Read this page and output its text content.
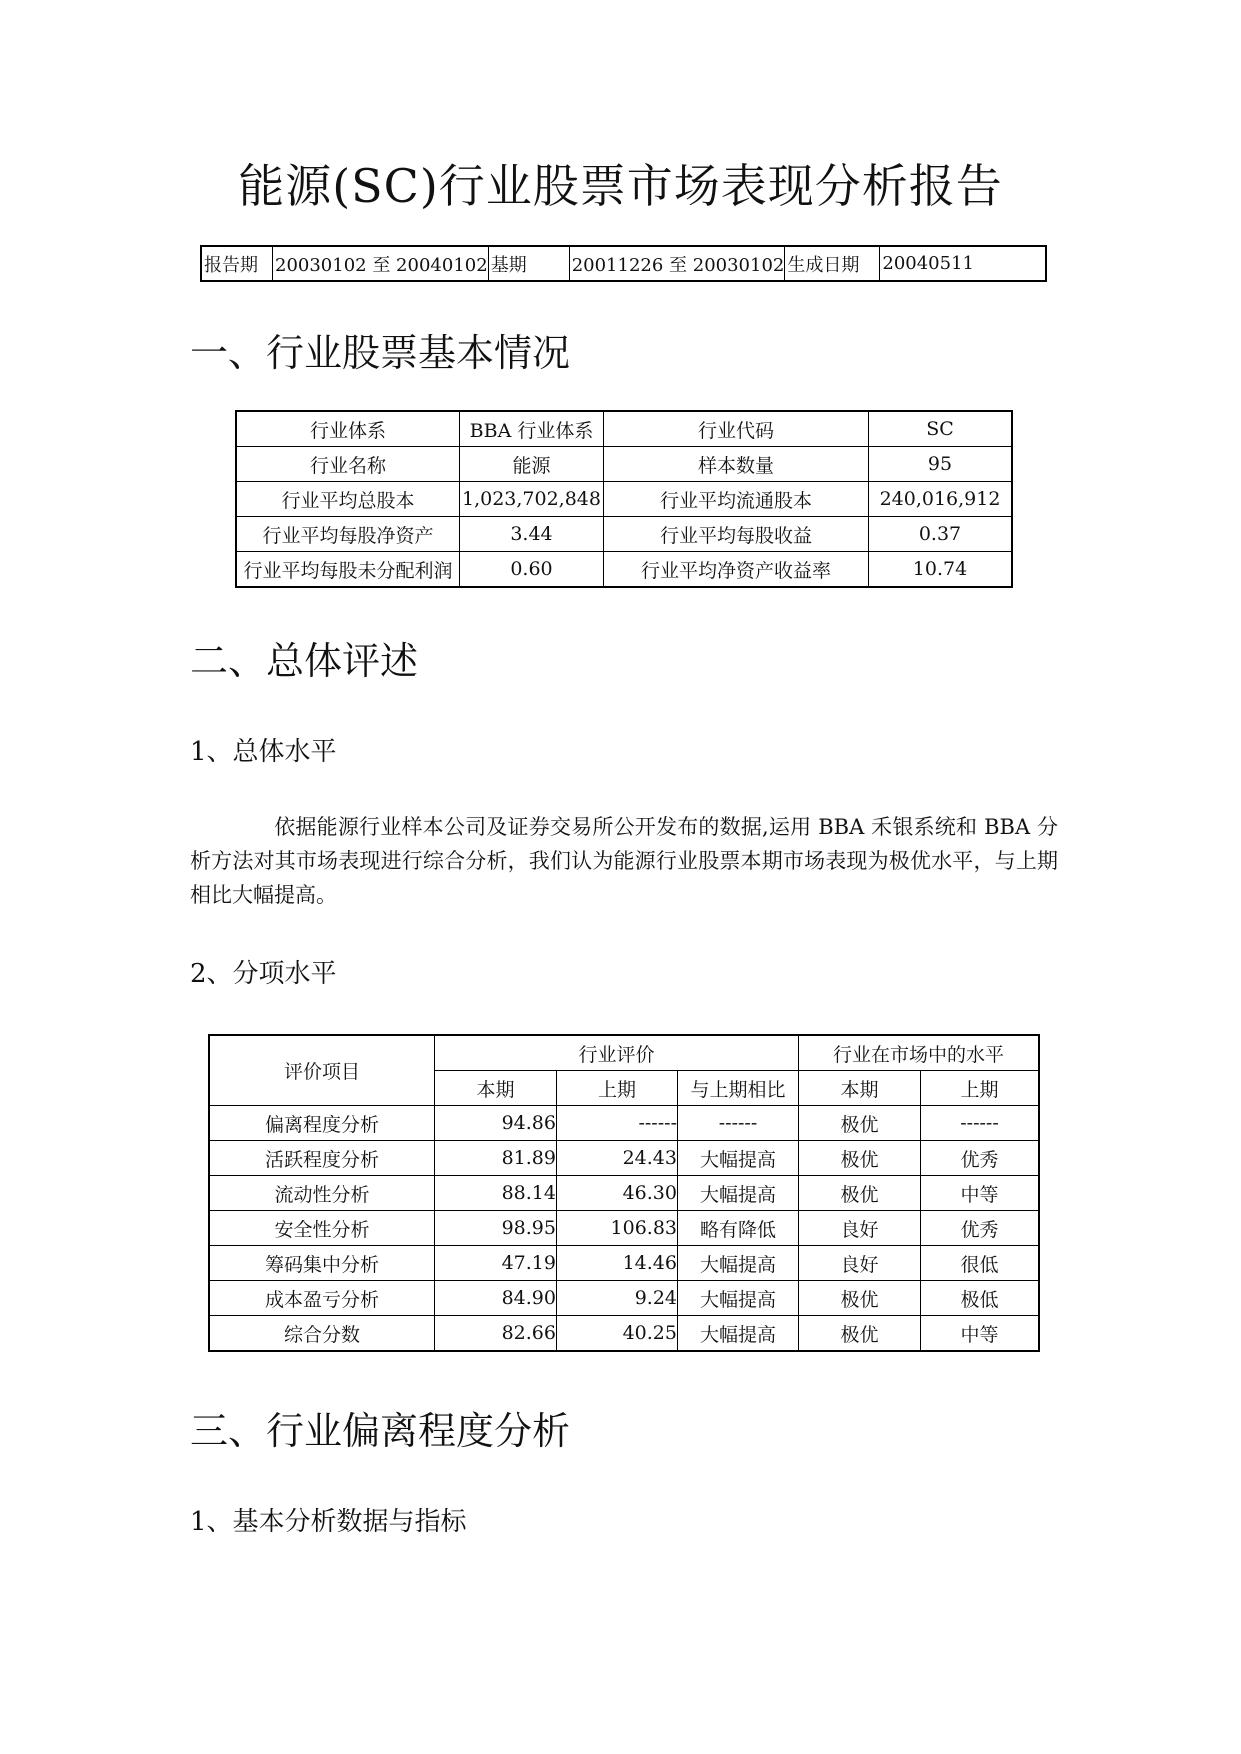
能源(SC)行业股票市场表现分析报告
报告期	20030102 至 20040102	基期	20011226 至 20030102	生成日期	20040511
一、行业股票基本情况
行业体系	BBA 行业体系	行业代码	SC
行业名称	能源	样本数量	95
行业平均总股本	1,023,702,848	行业平均流通股本	240,016,912
行业平均每股净资产	3.44	行业平均每股收益	0.37
行业平均每股未分配利润	0.60	行业平均净资产收益率	10.74
二、总体评述
1、总体水平
依据能源行业样本公司及证券交易所公开发布的数据,运用 BBA 禾银系统和 BBA 分析方法对其市场表现进行综合分析，我们认为能源行业股票本期市场表现为极优水平，与上期相比大幅提高。
2、分项水平
评价项目	行业评价			行业在市场中的水平	
	本期	上期	与上期相比	本期	上期
偏离程度分析	94.86	------	------	极优	------
活跃程度分析	81.89	24.43	大幅提高	极优	优秀
流动性分析	88.14	46.30	大幅提高	极优	中等
安全性分析	98.95	106.83	略有降低	良好	优秀
筹码集中分析	47.19	14.46	大幅提高	良好	很低
成本盈亏分析	84.90	9.24	大幅提高	极优	极低
综合分数	82.66	40.25	大幅提高	极优	中等
三、行业偏离程度分析
1、基本分析数据与指标
